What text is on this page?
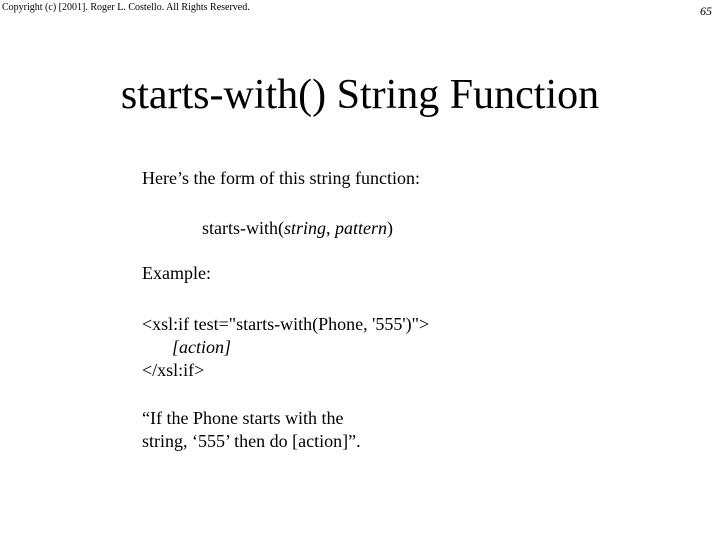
Copyright (c) [2001]. Roger L. Costello. All Rights Reserved.	65
starts-with() String Function
Here’s the form of this string function:
starts-with(string, pattern)
Example:
<xsl:if test="starts-with(Phone, '555')">
[action]
</xsl:if>
“If the Phone starts with the
string, ‘555’ then do [action]”.
